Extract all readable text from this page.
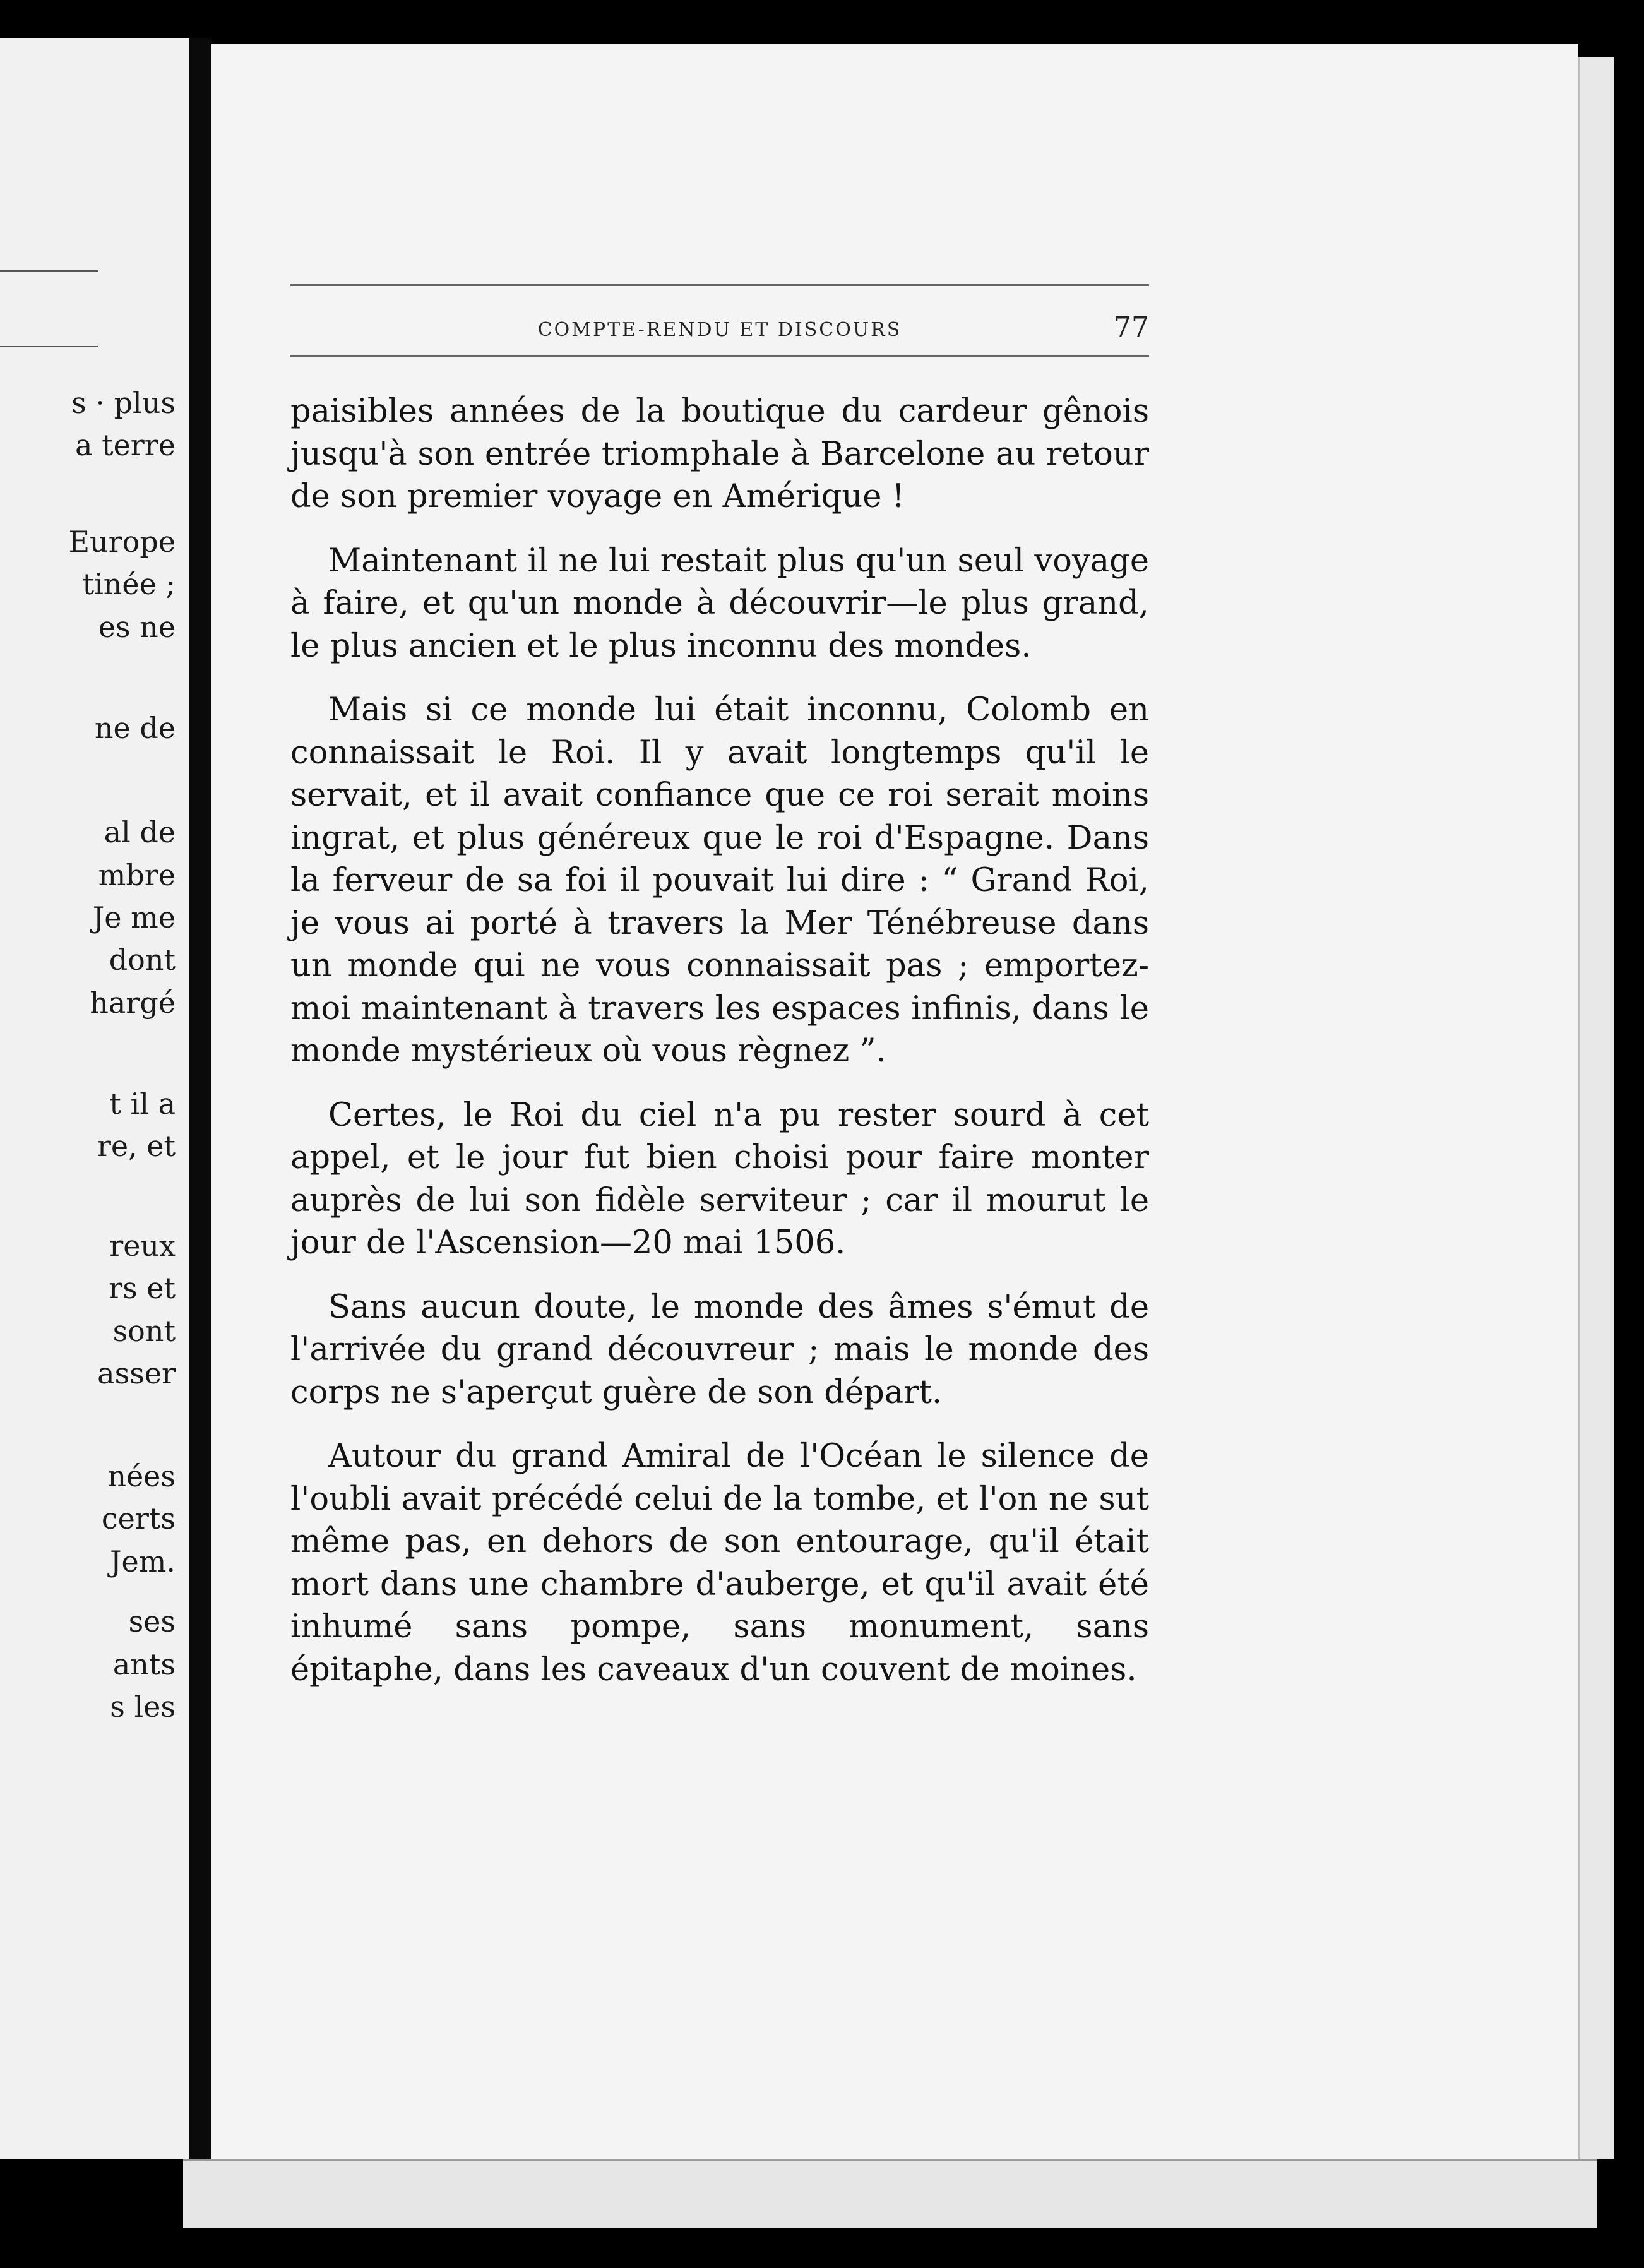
s · plus
a terre
Europe
tinée ;
es ne
ne de
al de
mbre
Je me
dont
hargé
t il a
re, et
reux
rs et
sont
asser
nées
certs
Jem.
ses
ants
s les
COMPTE-RENDU ET DISCOURS	77

paisibles années de la boutique du cardeur gênois jusqu'à son entrée triomphale à Barcelone au retour de son premier voyage en Amérique !

Maintenant il ne lui restait plus qu'un seul voyage à faire, et qu'un monde à découvrir—le plus grand, le plus ancien et le plus inconnu des mondes.

Mais si ce monde lui était inconnu, Colomb en connaissait le Roi. Il y avait longtemps qu'il le servait, et il avait confiance que ce roi serait moins ingrat, et plus généreux que le roi d'Espagne. Dans la ferveur de sa foi il pouvait lui dire : “ Grand Roi, je vous ai porté à travers la Mer Ténébreuse dans un monde qui ne vous connaissait pas ; emportez-moi maintenant à travers les espaces infinis, dans le monde mystérieux où vous règnez ”.

Certes, le Roi du ciel n'a pu rester sourd à cet appel, et le jour fut bien choisi pour faire monter auprès de lui son fidèle serviteur ; car il mourut le jour de l'Ascension—20 mai 1506.

Sans aucun doute, le monde des âmes s'émut de l'arrivée du grand découvreur ; mais le monde des corps ne s'aperçut guère de son départ.

Autour du grand Amiral de l'Océan le silence de l'oubli avait précédé celui de la tombe, et l'on ne sut même pas, en dehors de son entourage, qu'il était mort dans une chambre d'auberge, et qu'il avait été inhumé sans pompe, sans monument, sans épitaphe, dans les caveaux d'un couvent de moines.
